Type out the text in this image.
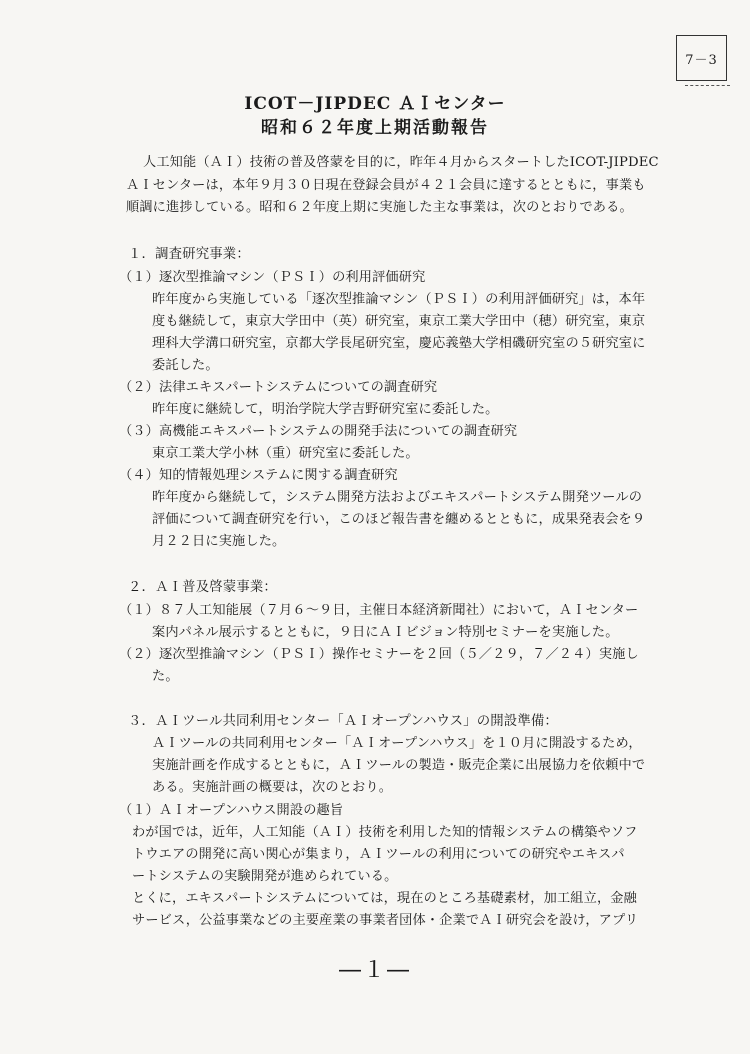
7－3
ICOT－JIPDEC ＡＩセンター
昭和６２年度上期活動報告
人工知能（ＡＩ）技術の普及啓蒙を目的に，昨年４月からスタートしたICOT-JIPDEC
ＡＩセンターは，本年９月３０日現在登録会員が４２１会員に達するとともに，事業も
順調に進捗している。昭和６２年度上期に実施した主な事業は，次のとおりである。
１．調査研究事業：
（１）逐次型推論マシン（ＰＳＩ）の利用評価研究
昨年度から実施している「逐次型推論マシン（ＰＳＩ）の利用評価研究」は，本年
度も継続して，東京大学田中（英）研究室，東京工業大学田中（穂）研究室，東京
理科大学溝口研究室，京都大学長尾研究室，慶応義塾大学相磯研究室の５研究室に
委託した。
（２）法律エキスパートシステムについての調査研究
昨年度に継続して，明治学院大学吉野研究室に委託した。
（３）高機能エキスパートシステムの開発手法についての調査研究
東京工業大学小林（重）研究室に委託した。
（４）知的情報処理システムに関する調査研究
昨年度から継続して，システム開発方法およびエキスパートシステム開発ツールの
評価について調査研究を行い，このほど報告書を纏めるとともに，成果発表会を９
月２２日に実施した。
２．ＡＩ普及啓蒙事業：
（１）８７人工知能展（７月６～９日，主催日本経済新聞社）において，ＡＩセンター
案内パネル展示するとともに，９日にＡＩビジョン特別セミナーを実施した。
（２）逐次型推論マシン（ＰＳＩ）操作セミナーを２回（５／２９，７／２４）実施し
た。
３．ＡＩツール共同利用センター「ＡＩオープンハウス」の開設準備：
ＡＩツールの共同利用センター「ＡＩオープンハウス」を１０月に開設するため，
実施計画を作成するとともに，ＡＩツールの製造・販売企業に出展協力を依頼中で
ある。実施計画の概要は，次のとおり。
（１）ＡＩオープンハウス開設の趣旨
わが国では，近年，人工知能（ＡＩ）技術を利用した知的情報システムの構築やソフ
トウエアの開発に高い関心が集まり，ＡＩツールの利用についての研究やエキスパ
ートシステムの実験開発が進められている。
とくに，エキスパートシステムについては，現在のところ基礎素材，加工組立，金融
サービス，公益事業などの主要産業の事業者団体・企業でＡＩ研究会を設け，アプリ
―１―
